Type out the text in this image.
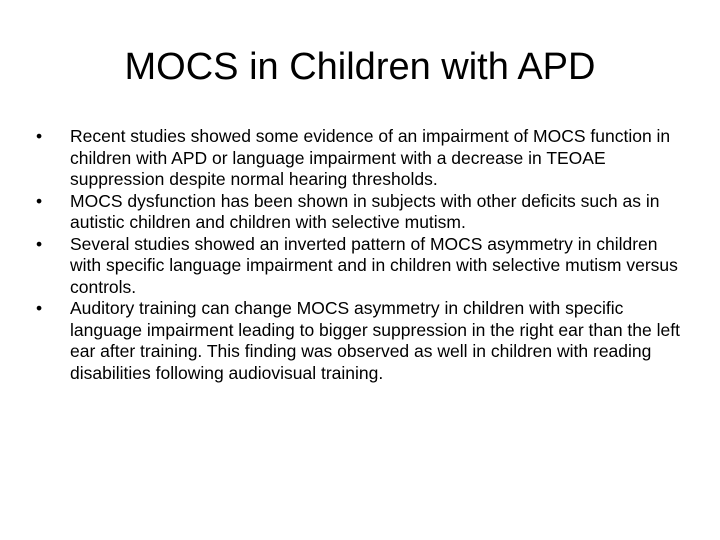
MOCS in Children with APD
•	Recent studies showed some evidence of an impairment of MOCS function in children with APD or language impairment with a decrease in TEOAE suppression despite normal hearing thresholds.
•	MOCS dysfunction has been shown in subjects with other deficits such as in autistic children and children with selective mutism.
•	Several studies showed an inverted pattern of MOCS asymmetry in children with specific language impairment and in children with selective mutism versus controls.
•	Auditory training can change MOCS asymmetry in children with specific language impairment leading to bigger suppression in the right ear than the left ear after training. This finding was observed as well in children with reading disabilities following audiovisual training.
